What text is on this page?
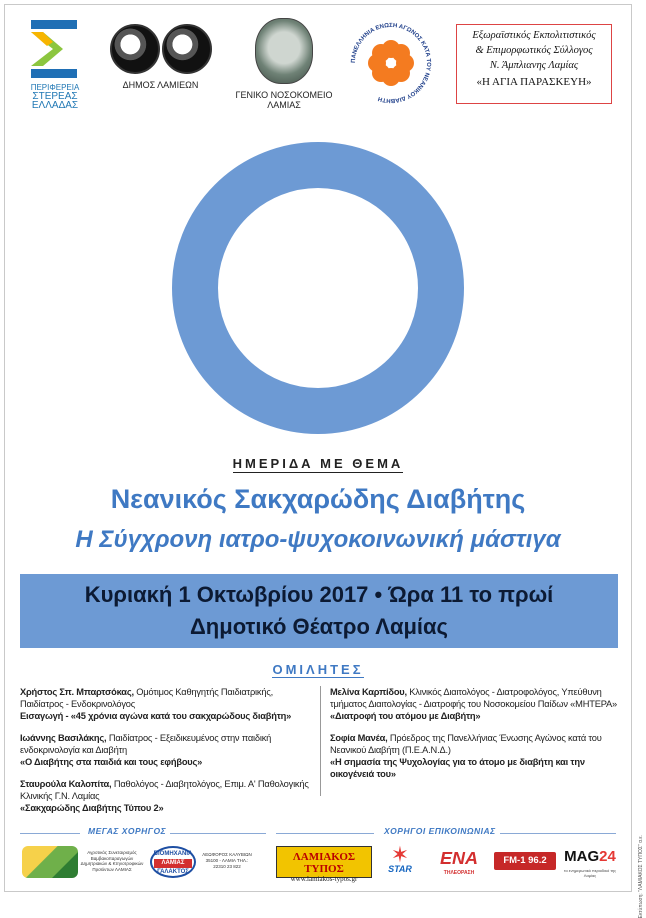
Εκτύπωση: "ΛΑΜΙΑΚΟΣ ΤΥΠΟΣ" α.ε.
ΠΕΡΙΦΕΡΕΙΑ
ΣΤΕΡΕΑΣ
ΕΛΛΑΔΑΣ
ΔΗΜΟΣ ΛΑΜΙΕΩΝ
ΓΕΝΙΚΟ ΝΟΣΟΚΟΜΕΙΟ
ΛΑΜΙΑΣ
ΠΑΝΕΛΛΗΝΙΑ ΕΝΩΣΗ ΑΓΩΝΟΣ ΚΑΤΑ ΤΟΥ ΝΕΑΝΙΚΟΥ ΔΙΑΒΗΤΗ
Εξωραϊστικός Εκπολιτιστικός
& Επιμορφωτικός Σύλλογος
Ν. Άμπλιανης Λαμίας
«Η ΑΓΙΑ ΠΑΡΑΣΚΕΥΗ»
ΗΜΕΡΙΔΑ ΜΕ ΘΕΜΑ
Νεανικός Σακχαρώδης Διαβήτης
Η Σύγχρονη ιατρο-ψυχοκοινωνική μάστιγα
Κυριακή 1 Οκτωβρίου 2017 • Ώρα 11 το πρωί
Δημοτικό Θέατρο Λαμίας
ΟΜΙΛΗΤΕΣ
Χρήστος Σπ. Μπαρτσόκας, Ομότιμος Καθηγητής Παιδιατρικής, Παιδίατρος - Ενδοκρινολόγος
Εισαγωγή - «45 χρόνια αγώνα κατά του σακχαρώδους διαβήτη»
Ιωάννης Βασιλάκης, Παιδίατρος - Εξειδικευμένος στην παιδική ενδοκρινολογία και Διαβήτη
«Ο Διαβήτης στα παιδιά και τους εφήβους»
Σταυρούλα Καλοπίτα, Παθολόγος - Διαβητολόγος, Επιμ. Α' Παθολογικής Κλινικής Γ.Ν. Λαμίας
«Σακχαρώδης Διαβήτης Τύπου 2»
Μελίνα Καρπίδου, Κλινικός Διαιτολόγος - Διατροφολόγος, Υπεύθυνη τμήματος Διαιτολογίας - Διατροφής του Νοσοκομείου Παίδων «ΜΗΤΕΡΑ»
«Διατροφή του ατόμου με Διαβήτη»
Σοφία Μανέα, Πρόεδρος της Πανελλήνιας Ένωσης Αγώνος κατά του Νεανικού Διαβήτη (Π.Ε.Α.Ν.Δ.)
«Η σημασία της Ψυχολογίας για το άτομο με διαβήτη και την οικογένειά του»
ΜΕΓΑΣ ΧΟΡΗΓΟΣ	ΧΟΡΗΓΟΙ ΕΠΙΚΟΙΝΩΝΙΑΣ
Αγροτικός Συνεταιρισμός Βαμβακοπαραγωγών Δημητριακών & Κτηνοτροφικών Προϊόντων ΛΑΜΙΑΣ
ΒΙΟΜΗΧΑΝΙΑ
ΛΑΜΙΑΣ
ΓΑΛΑΚΤΟΣ
ΛΕΩΦΟΡΟΣ ΚΑΛΥΒΙΩΝ 35100 - ΛΑΜΙΑ ΤΗΛ.: 22310 23 822
ΛΑΜΙΑΚΟΣ ΤΥΠΟΣ
www.lamiakos-typos.gr
✶
STAR
ΕΝΑ
ΤΗΛΕΟΡΑΣΗ
FM-1 96.2	MAG24
το ενημερωτικό περιοδικό της Λαμίας
